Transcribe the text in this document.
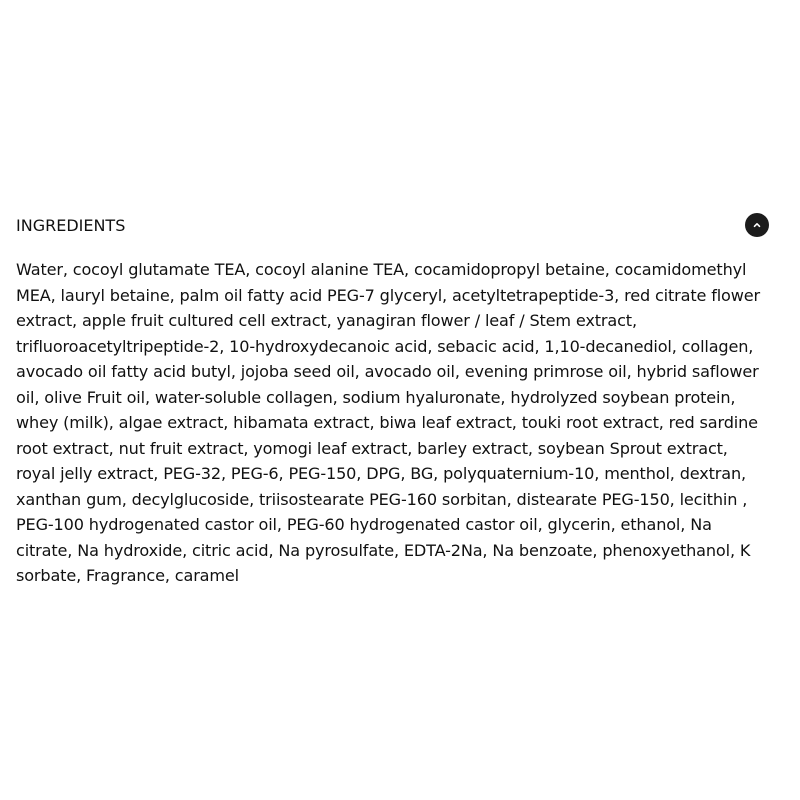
INGREDIENTS
Water, cocoyl glutamate TEA, cocoyl alanine TEA, cocamidopropyl betaine, cocamidomethyl MEA, lauryl betaine, palm oil fatty acid PEG-7 glyceryl, acetyltetrapeptide-3, red citrate flower extract, apple fruit cultured cell extract, yanagiran flower / leaf / Stem extract, trifluoroacetyltripeptide-2, 10-hydroxydecanoic acid, sebacic acid, 1,10-decanediol, collagen, avocado oil fatty acid butyl, jojoba seed oil, avocado oil, evening primrose oil, hybrid saflower oil, olive Fruit oil, water-soluble collagen, sodium hyaluronate, hydrolyzed soybean protein, whey (milk), algae extract, hibamata extract, biwa leaf extract, touki root extract, red sardine root extract, nut fruit extract, yomogi leaf extract, barley extract, soybean Sprout extract, royal jelly extract, PEG-32, PEG-6, PEG-150, DPG, BG, polyquaternium-10, menthol, dextran, xanthan gum, decylglucoside, triisostearate PEG-160 sorbitan, distearate PEG-150, lecithin , PEG-100 hydrogenated castor oil, PEG-60 hydrogenated castor oil, glycerin, ethanol, Na citrate, Na hydroxide, citric acid, Na pyrosulfate, EDTA-2Na, Na benzoate, phenoxyethanol, K sorbate, Fragrance, caramel
